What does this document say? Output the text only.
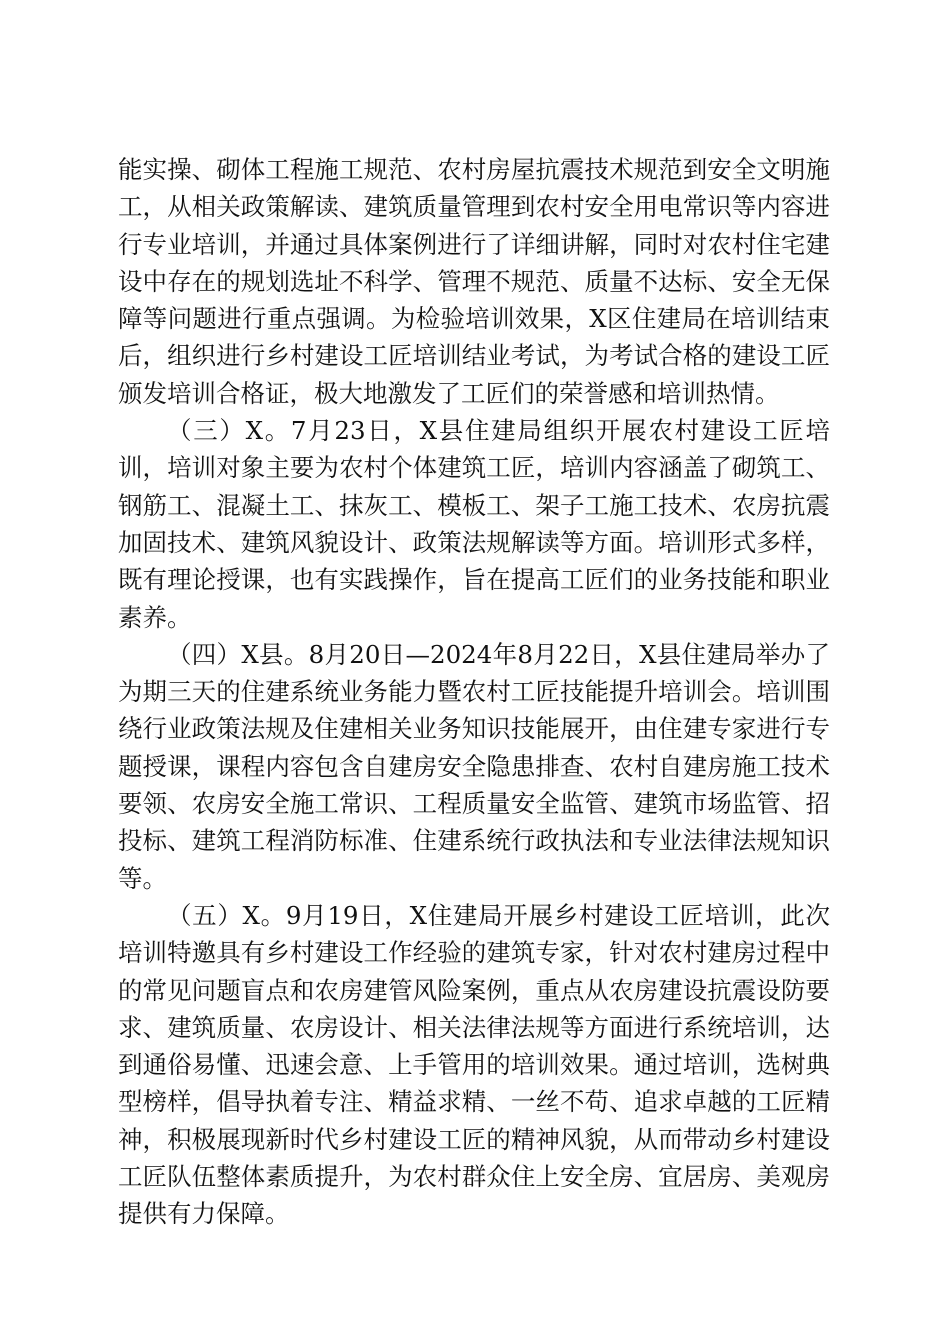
能实操、砌体工程施工规范、农村房屋抗震技术规范到安全文明施工，从相关政策解读、建筑质量管理到农村安全用电常识等内容进行专业培训，并通过具体案例进行了详细讲解，同时对农村住宅建设中存在的规划选址不科学、管理不规范、质量不达标、安全无保障等问题进行重点强调。为检验培训效果，X区住建局在培训结束后，组织进行乡村建设工匠培训结业考试，为考试合格的建设工匠颁发培训合格证，极大地激发了工匠们的荣誉感和培训热情。

（三）X。7月23日，X县住建局组织开展农村建设工匠培训，培训对象主要为农村个体建筑工匠，培训内容涵盖了砌筑工、钢筋工、混凝土工、抹灰工、模板工、架子工施工技术、农房抗震加固技术、建筑风貌设计、政策法规解读等方面。培训形式多样，既有理论授课，也有实践操作，旨在提高工匠们的业务技能和职业素养。

（四）X县。8月20日—2024年8月22日，X县住建局举办了为期三天的住建系统业务能力暨农村工匠技能提升培训会。培训围绕行业政策法规及住建相关业务知识技能展开，由住建专家进行专题授课，课程内容包含自建房安全隐患排查、农村自建房施工技术要领、农房安全施工常识、工程质量安全监管、建筑市场监管、招投标、建筑工程消防标准、住建系统行政执法和专业法律法规知识等。

（五）X。9月19日，X住建局开展乡村建设工匠培训，此次培训特邀具有乡村建设工作经验的建筑专家，针对农村建房过程中的常见问题盲点和农房建管风险案例，重点从农房建设抗震设防要求、建筑质量、农房设计、相关法律法规等方面进行系统培训，达到通俗易懂、迅速会意、上手管用的培训效果。通过培训，选树典型榜样，倡导执着专注、精益求精、一丝不苟、追求卓越的工匠精神，积极展现新时代乡村建设工匠的精神风貌，从而带动乡村建设工匠队伍整体素质提升，为农村群众住上安全房、宜居房、美观房提供有力保障。
